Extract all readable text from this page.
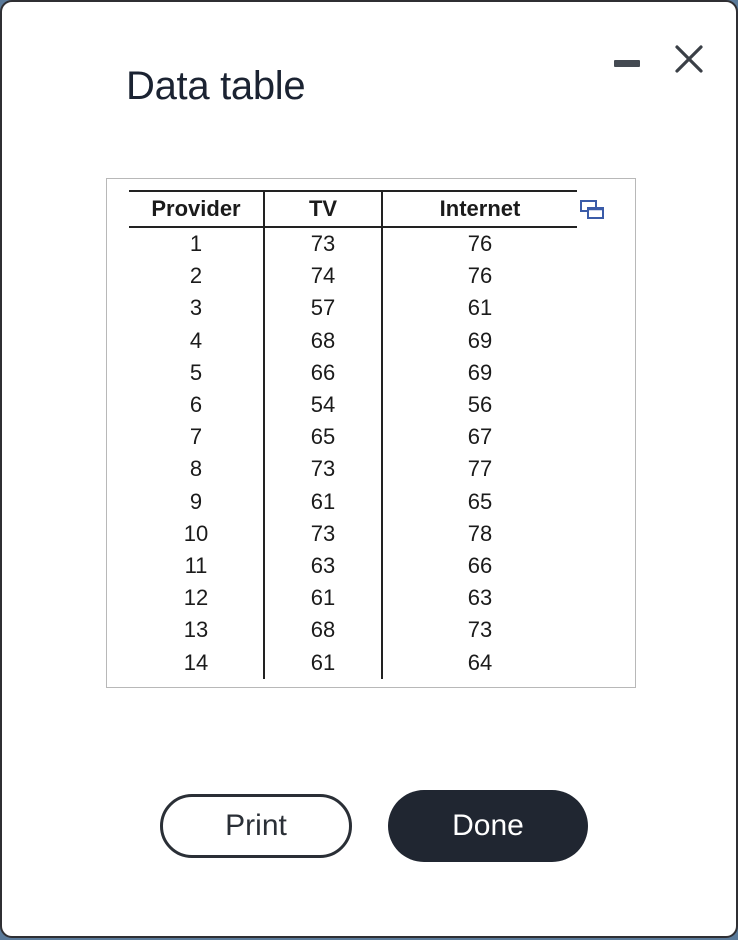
Data table
Provider	TV	Internet
1	73	76
2	74	76
3	57	61
4	68	69
5	66	69
6	54	56
7	65	67
8	73	77
9	61	65
10	73	78
11	63	66
12	61	63
13	68	73
14	61	64
Print	Done
